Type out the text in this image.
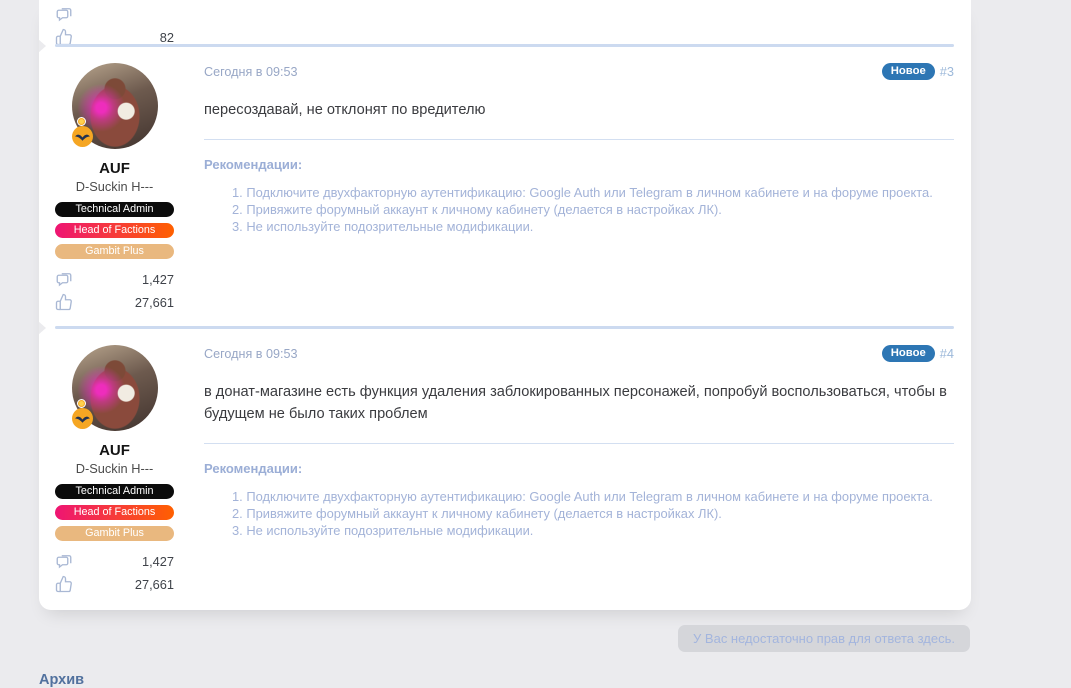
82
AUF
D-Suckin H---
Technical Admin
Head of Factions
Gambit Plus
1,427
27,661
Сегодня в 09:53	Новое	#3
пересоздавай, не отклонят по вредителю
Рекомендации:
1. Подключите двухфакторную аутентификацию: Google Auth или Telegram в личном кабинете и на форуме проекта.
2. Привяжите форумный аккаунт к личному кабинету (делается в настройках ЛК).
3. Не используйте подозрительные модификации.
AUF
D-Suckin H---
Technical Admin
Head of Factions
Gambit Plus
1,427
27,661
Сегодня в 09:53	Новое	#4
в донат-магазине есть функция удаления заблокированных персонажей, попробуй воспользоваться, чтобы в будущем не было таких проблем
Рекомендации:
1. Подключите двухфакторную аутентификацию: Google Auth или Telegram в личном кабинете и на форуме проекта.
2. Привяжите форумный аккаунт к личному кабинету (делается в настройках ЛК).
3. Не используйте подозрительные модификации.
У Вас недостаточно прав для ответа здесь.
Архив
